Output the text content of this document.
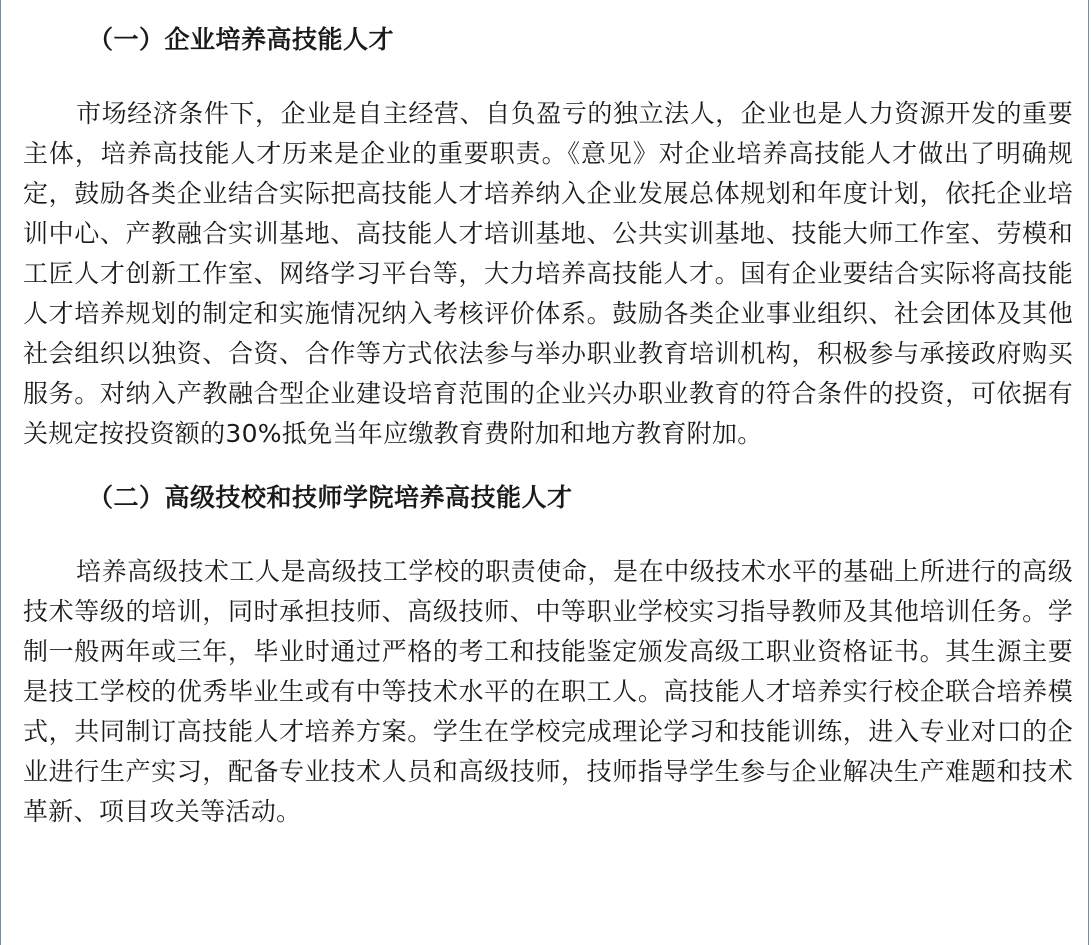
（一）企业培养高技能人才

市场经济条件下，企业是自主经营、自负盈亏的独立法人，企业也是人力资源开发的重要主体，培养高技能人才历来是企业的重要职责。《意见》对企业培养高技能人才做出了明确规定，鼓励各类企业结合实际把高技能人才培养纳入企业发展总体规划和年度计划，依托企业培训中心、产教融合实训基地、高技能人才培训基地、公共实训基地、技能大师工作室、劳模和工匠人才创新工作室、网络学习平台等，大力培养高技能人才。国有企业要结合实际将高技能人才培养规划的制定和实施情况纳入考核评价体系。鼓励各类企业事业组织、社会团体及其他社会组织以独资、合资、合作等方式依法参与举办职业教育培训机构，积极参与承接政府购买服务。对纳入产教融合型企业建设培育范围的企业兴办职业教育的符合条件的投资，可依据有关规定按投资额的30%抵免当年应缴教育费附加和地方教育附加。

（二）高级技校和技师学院培养高技能人才

培养高级技术工人是高级技工学校的职责使命，是在中级技术水平的基础上所进行的高级技术等级的培训，同时承担技师、高级技师、中等职业学校实习指导教师及其他培训任务。学制一般两年或三年，毕业时通过严格的考工和技能鉴定颁发高级工职业资格证书。其生源主要是技工学校的优秀毕业生或有中等技术水平的在职工人。高技能人才培养实行校企联合培养模式，共同制订高技能人才培养方案。学生在学校完成理论学习和技能训练，进入专业对口的企业进行生产实习，配备专业技术人员和高级技师，技师指导学生参与企业解决生产难题和技术革新、项目攻关等活动。
